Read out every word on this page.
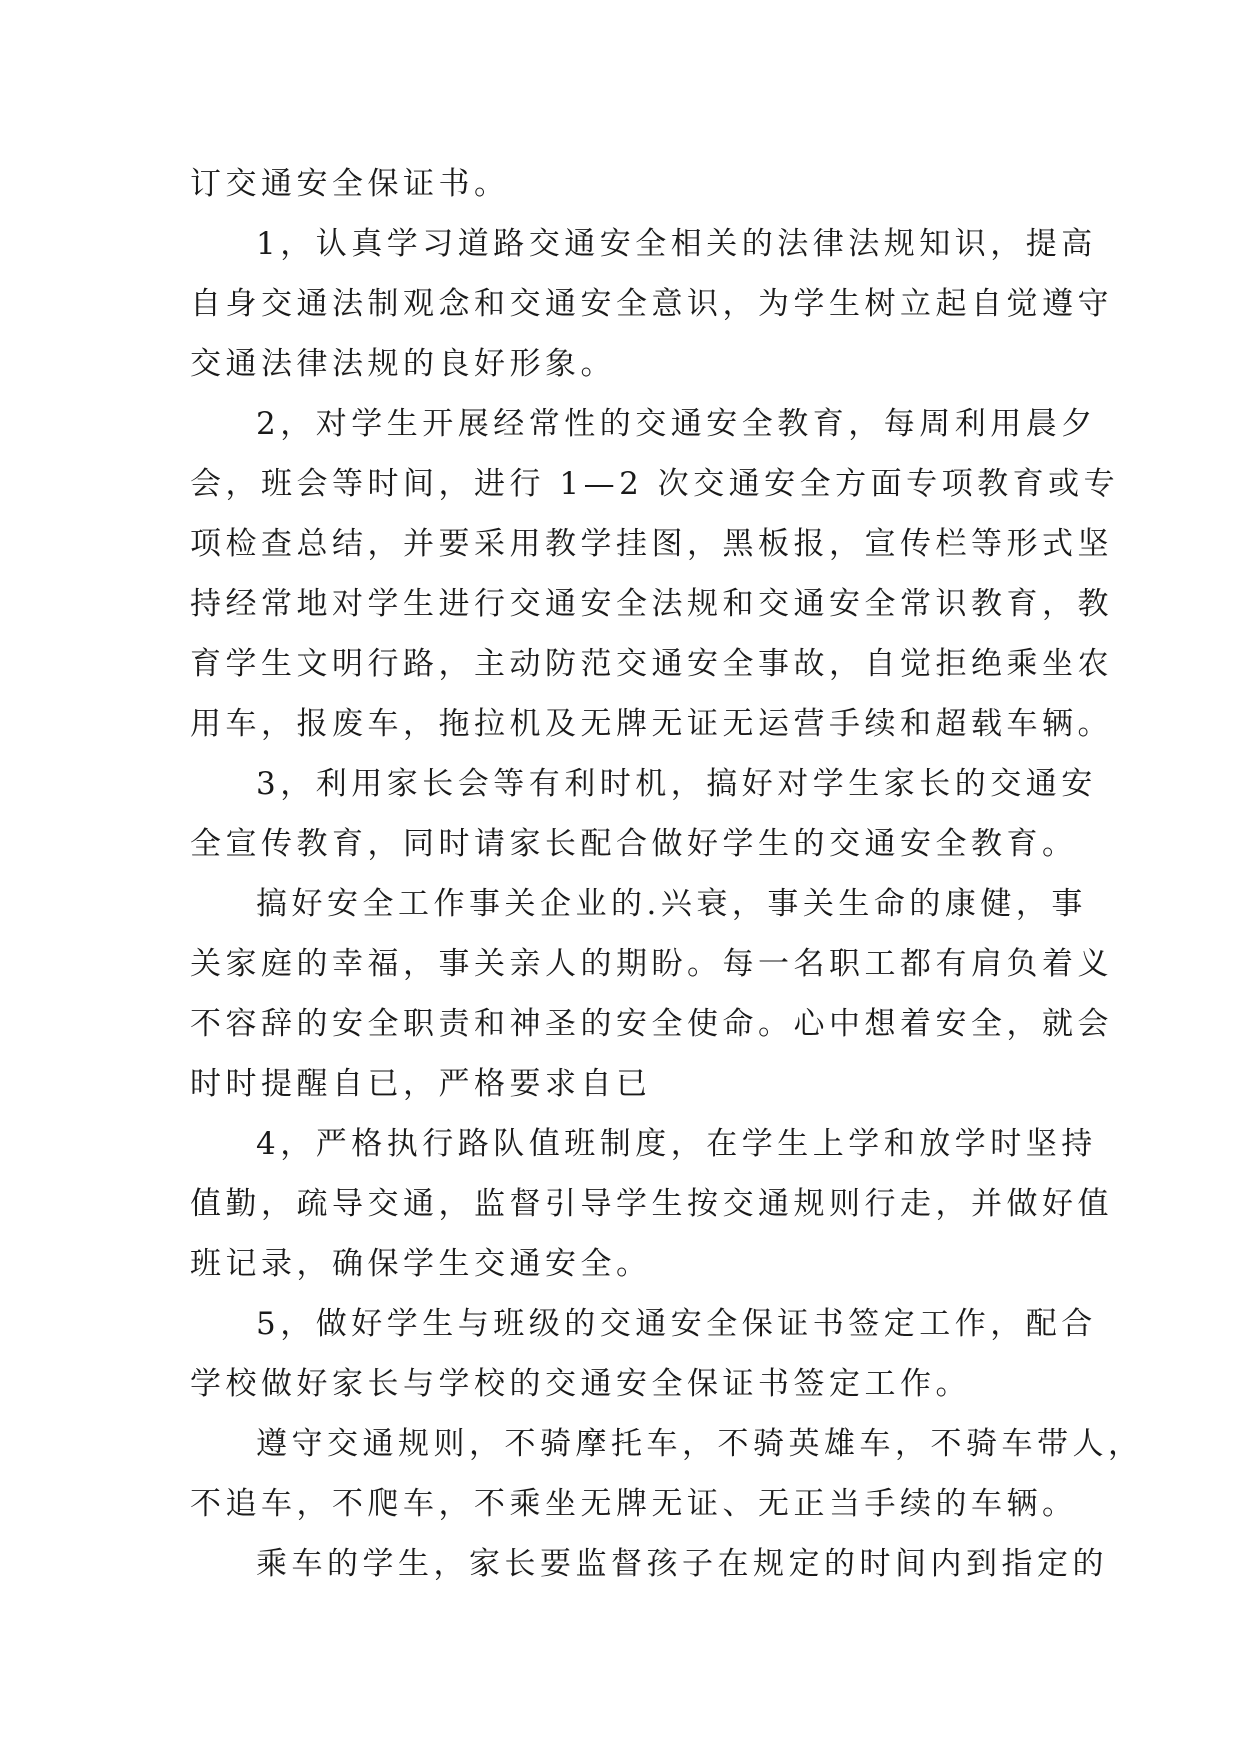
订交通安全保证书。
1，认真学习道路交通安全相关的法律法规知识，提高
自身交通法制观念和交通安全意识，为学生树立起自觉遵守
交通法律法规的良好形象。
2，对学生开展经常性的交通安全教育，每周利用晨夕
会，班会等时间，进行 1—2 次交通安全方面专项教育或专
项检查总结，并要采用教学挂图，黑板报，宣传栏等形式坚
持经常地对学生进行交通安全法规和交通安全常识教育，教
育学生文明行路，主动防范交通安全事故，自觉拒绝乘坐农
用车，报废车，拖拉机及无牌无证无运营手续和超载车辆。
3，利用家长会等有利时机，搞好对学生家长的交通安
全宣传教育，同时请家长配合做好学生的交通安全教育。
搞好安全工作事关企业的.兴衰，事关生命的康健，事
关家庭的幸福，事关亲人的期盼。每一名职工都有肩负着义
不容辞的安全职责和神圣的安全使命。心中想着安全，就会
时时提醒自已，严格要求自已
4，严格执行路队值班制度，在学生上学和放学时坚持
值勤，疏导交通，监督引导学生按交通规则行走，并做好值
班记录，确保学生交通安全。
5，做好学生与班级的交通安全保证书签定工作，配合
学校做好家长与学校的交通安全保证书签定工作。
遵守交通规则，不骑摩托车，不骑英雄车，不骑车带人，
不追车，不爬车，不乘坐无牌无证、无正当手续的车辆。
乘车的学生，家长要监督孩子在规定的时间内到指定的
